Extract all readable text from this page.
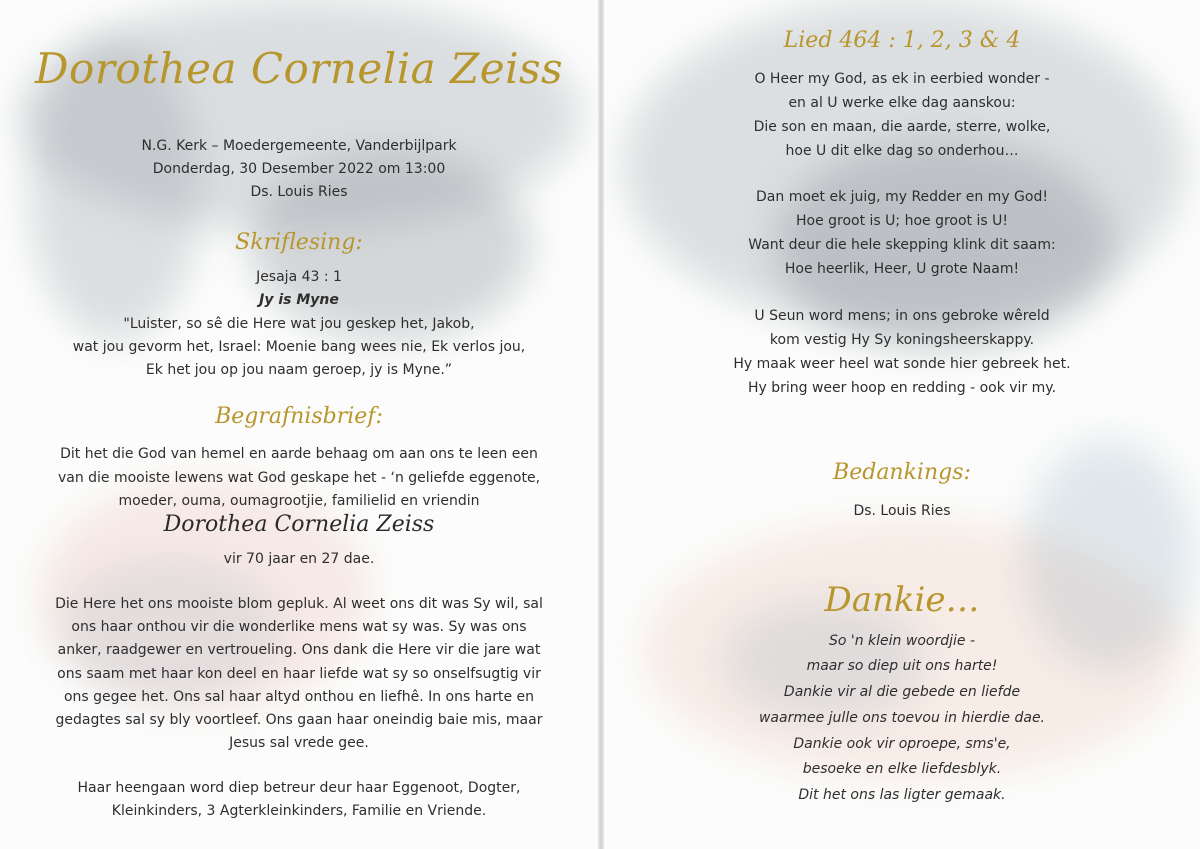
Dorothea Cornelia Zeiss
N.G. Kerk – Moedergemeente, Vanderbijlpark
Donderdag, 30 Desember 2022 om 13:00
Ds. Louis Ries
Skriflesing:
Jesaja 43 : 1
Jy is Myne
"Luister, so sê die Here wat jou geskep het, Jakob,
wat jou gevorm het, Israel: Moenie bang wees nie, Ek verlos jou,
Ek het jou op jou naam geroep, jy is Myne.”
Begrafnisbrief:
Dit het die God van hemel en aarde behaag om aan ons te leen een
van die mooiste lewens wat God geskape het - ‘n geliefde eggenote,
moeder, ouma, oumagrootjie, familielid en vriendin
Dorothea Cornelia Zeiss
vir 70 jaar en 27 dae.
Die Here het ons mooiste blom gepluk. Al weet ons dit was Sy wil, sal
ons haar onthou vir die wonderlike mens wat sy was. Sy was ons
anker, raadgewer en vertroueling. Ons dank die Here vir die jare wat
ons saam met haar kon deel en haar liefde wat sy so onselfsugtig vir
ons gegee het. Ons sal haar altyd onthou en liefhê. In ons harte en
gedagtes sal sy bly voortleef. Ons gaan haar oneindig baie mis, maar
Jesus sal vrede gee.
Haar heengaan word diep betreur deur haar Eggenoot, Dogter,
Kleinkinders, 3 Agterkleinkinders, Familie en Vriende.
Lied 464 : 1, 2, 3 & 4
O Heer my God, as ek in eerbied wonder -
en al U werke elke dag aanskou:
Die son en maan, die aarde, sterre, wolke,
hoe U dit elke dag so onderhou…
Dan moet ek juig, my Redder en my God!
Hoe groot is U; hoe groot is U!
Want deur die hele skepping klink dit saam:
Hoe heerlik, Heer, U grote Naam!
U Seun word mens; in ons gebroke wêreld
kom vestig Hy Sy koningsheerskappy.
Hy maak weer heel wat sonde hier gebreek het.
Hy bring weer hoop en redding - ook vir my.
Bedankings:
Ds. Louis Ries
Dankie…
So 'n klein woordjie -
maar so diep uit ons harte!
Dankie vir al die gebede en liefde
waarmee julle ons toevou in hierdie dae.
Dankie ook vir oproepe, sms'e,
besoeke en elke liefdesblyk.
Dit het ons las ligter gemaak.
